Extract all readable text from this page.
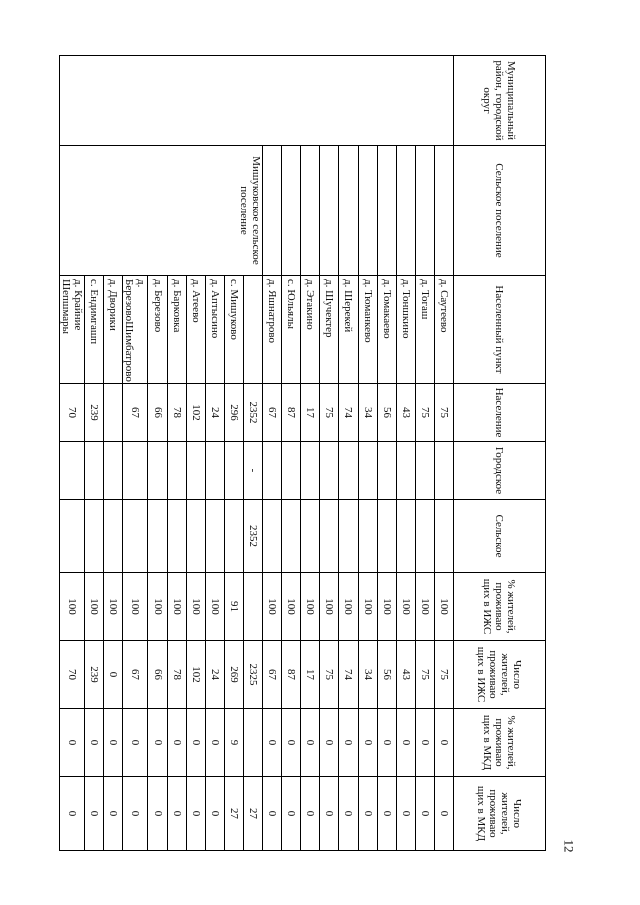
12
Муниципальный район, городской округ	Сельское поселение	Населенный пункт	Население	Городское	Сельское	% жителей, проживаю щих в ИЖС	Число жителей, проживаю щих в ИЖС	% жителей, проживаю щих в МКД	Число жителей, проживаю щих в МКД
		д. Саутеево	75			100	75	0	0
		д. Тогаш	75			100	75	0	0
		д. Тоншкино	43			100	43	0	0
		д. Томакаево	56			100	56	0	0
		д. Тюманкево	34			100	34	0	0
		д. Шерекей	74			100	74	0	0
		д. Шучектер	75			100	75	0	0
		д. Этакино	17			100	17	0	0
		с. Юльялы	87			100	87	0	0
		д. Яшнатрово	67			100	67	0	0
	Мишуковское сельское поселение		2352	-	2352		2325		27
		с. Мишуково	296			91	269	9	27
		д. Аптысино	24			100	24	0	0
		д. Атеево	102			100	102	0	0
		д. Барковка	78			100	78	0	0
		д. Березово	66			100	66	0	0
		д. БерезовоШимбатрово	67			100	67	0	0
		д. Дворики				100	0	0	0
		с. Ендимгашп	239			100	239	0	0
		д. Крайние Шепшмары	70			100	70	0	0
